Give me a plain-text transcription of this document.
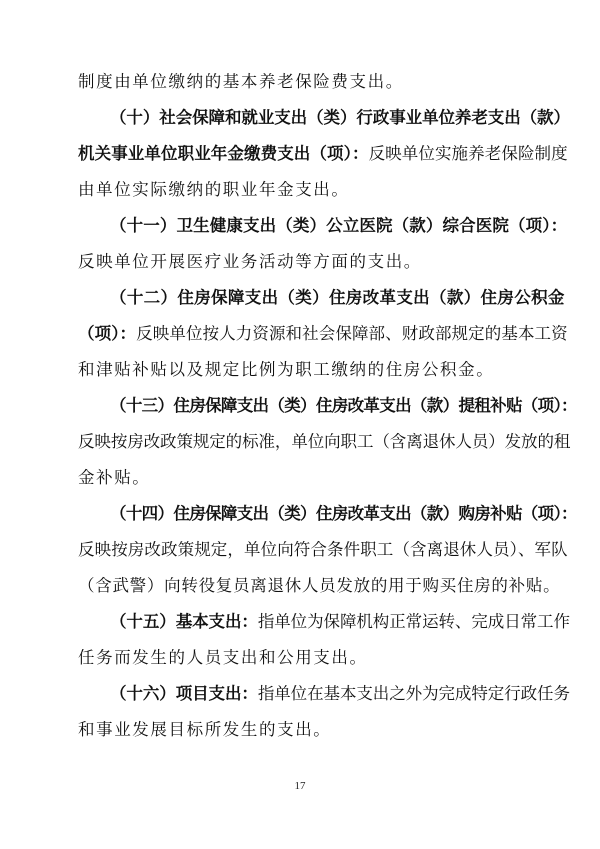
制度由单位缴纳的基本养老保险费支出。
（十）社会保障和就业支出（类）行政事业单位养老支出（款）
机关事业单位职业年金缴费支出（项）：反映单位实施养老保险制度
由单位实际缴纳的职业年金支出。
（十一）卫生健康支出（类）公立医院（款）综合医院（项）：
反映单位开展医疗业务活动等方面的支出。
（十二）住房保障支出（类）住房改革支出（款）住房公积金
（项）：反映单位按人力资源和社会保障部、财政部规定的基本工资
和津贴补贴以及规定比例为职工缴纳的住房公积金。
（十三）住房保障支出（类）住房改革支出（款）提租补贴（项）：
反映按房改政策规定的标准，单位向职工（含离退休人员）发放的租
金补贴。
（十四）住房保障支出（类）住房改革支出（款）购房补贴（项）：
反映按房改政策规定，单位向符合条件职工（含离退休人员）、军队
（含武警）向转役复员离退休人员发放的用于购买住房的补贴。
（十五）基本支出：指单位为保障机构正常运转、完成日常工作
任务而发生的人员支出和公用支出。
（十六）项目支出：指单位在基本支出之外为完成特定行政任务
和事业发展目标所发生的支出。
17
